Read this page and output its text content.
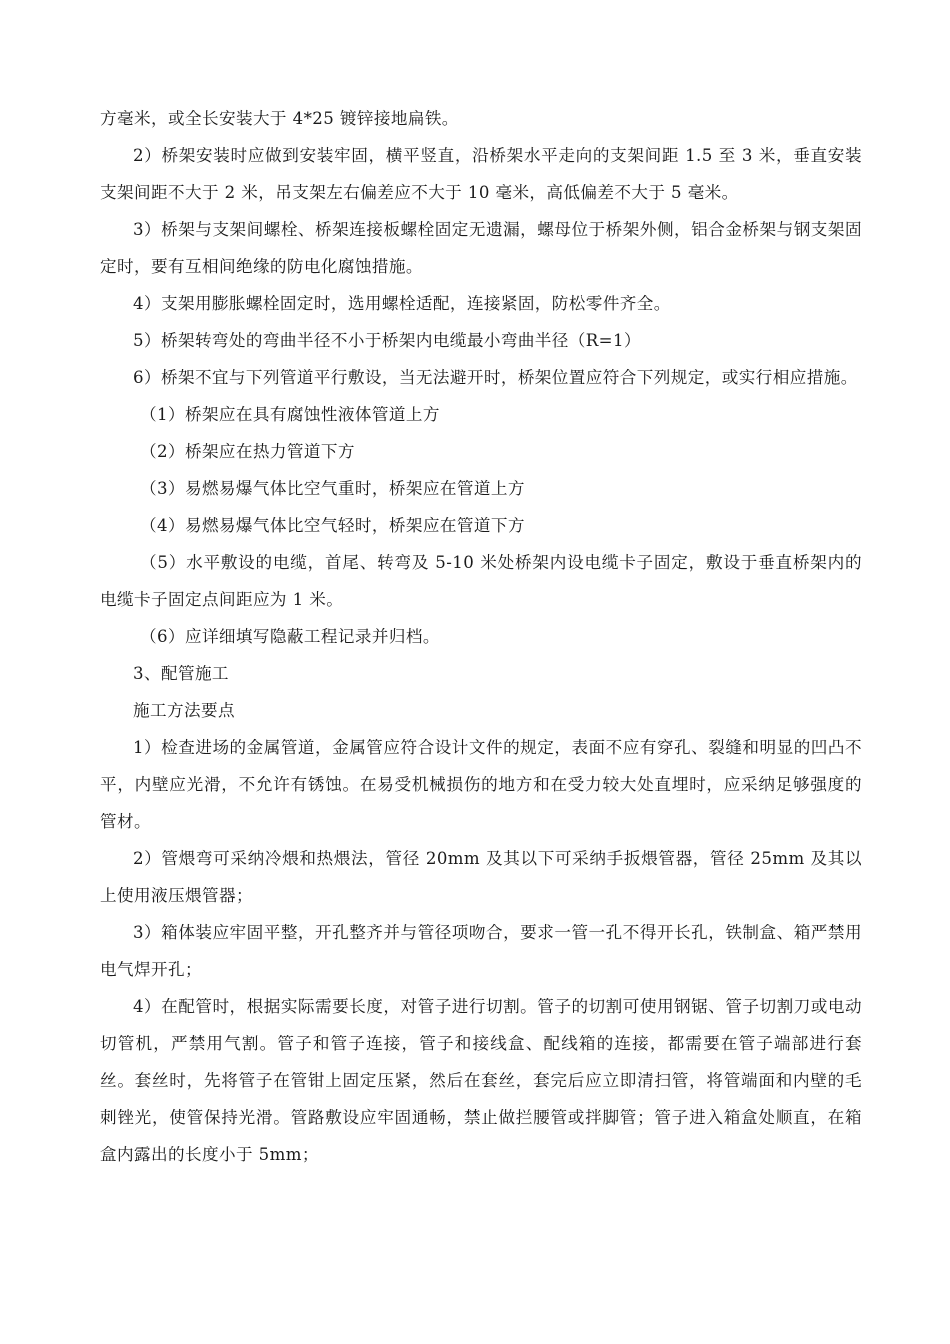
方毫米，或全长安装大于 4*25 镀锌接地扁铁。

2）桥架安装时应做到安装牢固，横平竖直，沿桥架水平走向的支架间距 1.5 至 3 米，垂直安装支架间距不大于 2 米，吊支架左右偏差应不大于 10 毫米，高低偏差不大于 5 毫米。

3）桥架与支架间螺栓、桥架连接板螺栓固定无遗漏，螺母位于桥架外侧，铝合金桥架与钢支架固定时，要有互相间绝缘的防电化腐蚀措施。

4）支架用膨胀螺栓固定时，选用螺栓适配，连接紧固，防松零件齐全。

5）桥架转弯处的弯曲半径不小于桥架内电缆最小弯曲半径（R=1）

6）桥架不宜与下列管道平行敷设，当无法避开时，桥架位置应符合下列规定，或实行相应措施。

（1）桥架应在具有腐蚀性液体管道上方

（2）桥架应在热力管道下方

（3）易燃易爆气体比空气重时，桥架应在管道上方

（4）易燃易爆气体比空气轻时，桥架应在管道下方

（5）水平敷设的电缆，首尾、转弯及 5-10 米处桥架内设电缆卡子固定，敷设于垂直桥架内的电缆卡子固定点间距应为 1 米。

（6）应详细填写隐蔽工程记录并归档。

3、配管施工

施工方法要点

1）检查进场的金属管道，金属管应符合设计文件的规定，表面不应有穿孔、裂缝和明显的凹凸不平，内壁应光滑，不允许有锈蚀。在易受机械损伤的地方和在受力较大处直埋时，应采纳足够强度的管材。

2）管煨弯可采纳冷煨和热煨法，管径 20mm 及其以下可采纳手扳煨管器，管径 25mm 及其以上使用液压煨管器；

3）箱体装应牢固平整，开孔整齐并与管径项吻合，要求一管一孔不得开长孔，铁制盒、箱严禁用电气焊开孔；

4）在配管时，根据实际需要长度，对管子进行切割。管子的切割可使用钢锯、管子切割刀或电动切管机，严禁用气割。管子和管子连接，管子和接线盒、配线箱的连接，都需要在管子端部进行套丝。套丝时，先将管子在管钳上固定压紧，然后在套丝，套完后应立即清扫管，将管端面和内壁的毛刺锉光，使管保持光滑。管路敷设应牢固通畅，禁止做拦腰管或拌脚管；管子进入箱盒处顺直，在箱盒内露出的长度小于 5mm；
